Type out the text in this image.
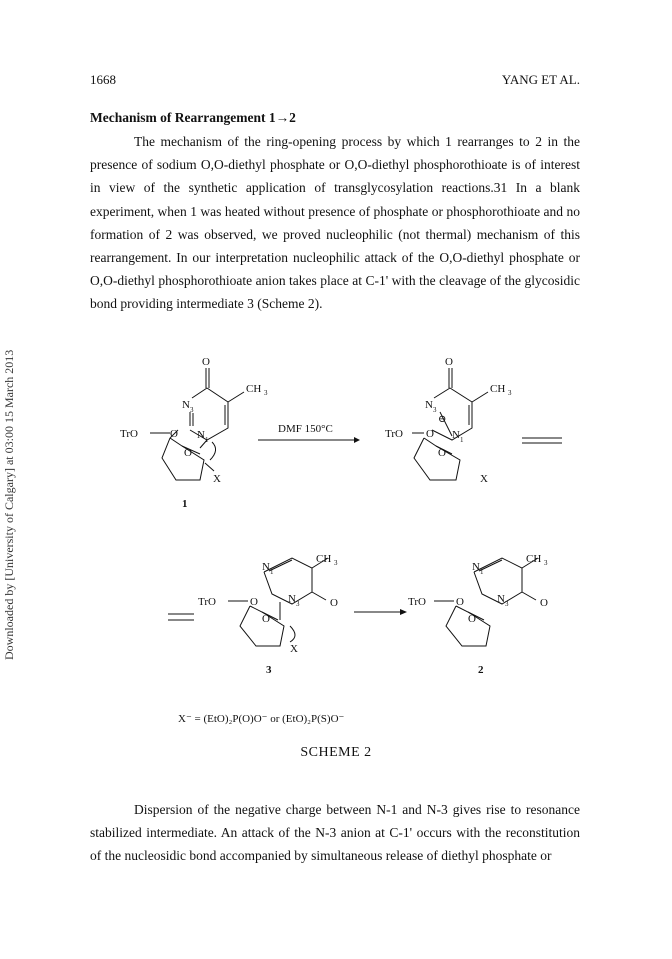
1668	YANG ET AL.
Downloaded by [University of Calgary] at 03:00 15 March 2013
Mechanism of Rearrangement 1→2

The mechanism of the ring-opening process by which 1 rearranges to 2 in the presence of sodium O,O-diethyl phosphate or O,O-diethyl phosphorothioate is of interest in view of the synthetic application of transglycosylation reactions.31 In a blank experiment, when 1 was heated without presence of phosphate or phosphorothioate and no formation of 2 was observed, we proved nucleophilic (not thermal) mechanism of this rearrangement. In our interpretation nucleophilic attack of the O,O-diethyl phosphate or O,O-diethyl phosphorothioate anion takes place at C-1' with the cleavage of the glycosidic bond providing intermediate 3 (Scheme 2).

O
CH 3
N 3
N 1
TrO	O
O
X
1
DMF 150°C
O
CH 3
N 3
⊖
N 1
TrO O
O
X
CH 3
N 1
N 3	O
TrO	O
O
X
3
CH 3
N 1
N 3	O
TrO	O
O
2
X⁻ = (EtO)₂P(O)O⁻ or (EtO)₂P(S)O⁻
SCHEME 2

Dispersion of the negative charge between N-1 and N-3 gives rise to resonance stabilized intermediate. An attack of the N-3 anion at C-1' occurs with the reconstitution of the nucleosidic bond accompanied by simultaneous release of diethyl phosphate or
